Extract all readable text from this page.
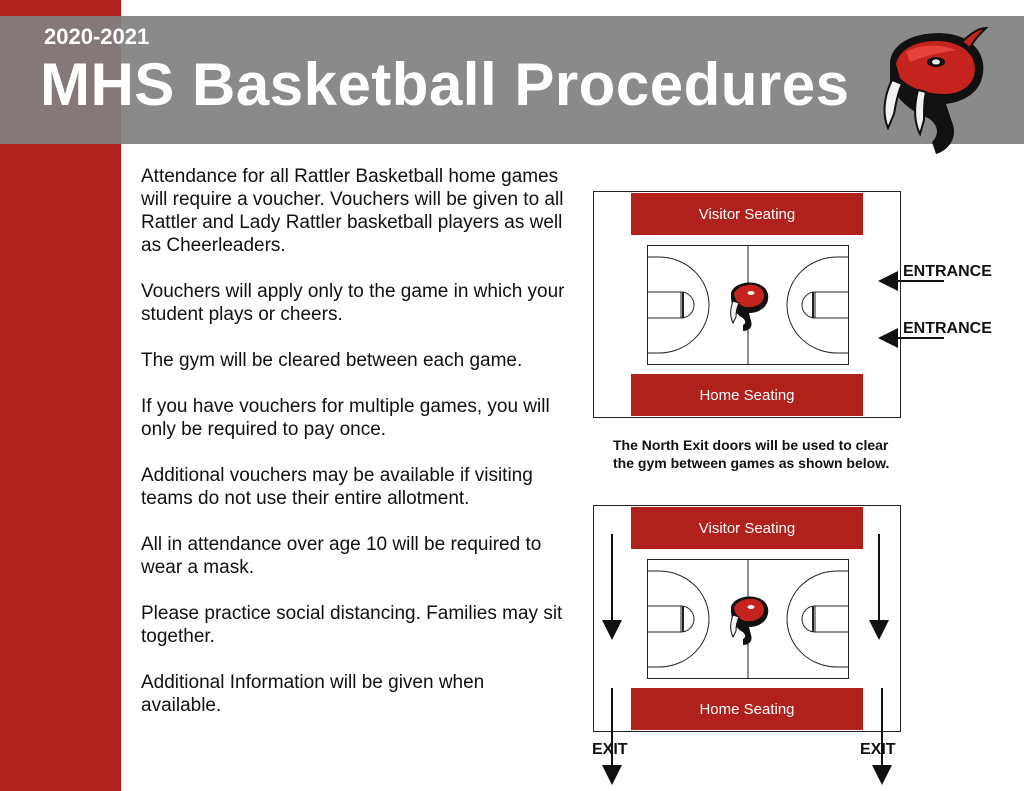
2020-2021
MHS Basketball Procedures

Attendance for all Rattler Basketball home games will require a voucher. Vouchers will be given to all Rattler and Lady Rattler basketball players as well as Cheerleaders.

Vouchers will apply only to the game in which your student plays or cheers.

The gym will be cleared between each game.

If you have vouchers for multiple games, you will only be required to pay once.

Additional vouchers may be available if visiting teams do not use their entire allotment.

All in attendance over age 10 will be required to wear a mask.

Please practice social distancing. Families may sit together.

Additional Information will be given when available.

Visitor Seating
Home Seating
ENTRANCE
ENTRANCE
The North Exit doors will be used to clear the gym between games as shown below.
Visitor Seating
Home Seating
EXIT	EXIT
